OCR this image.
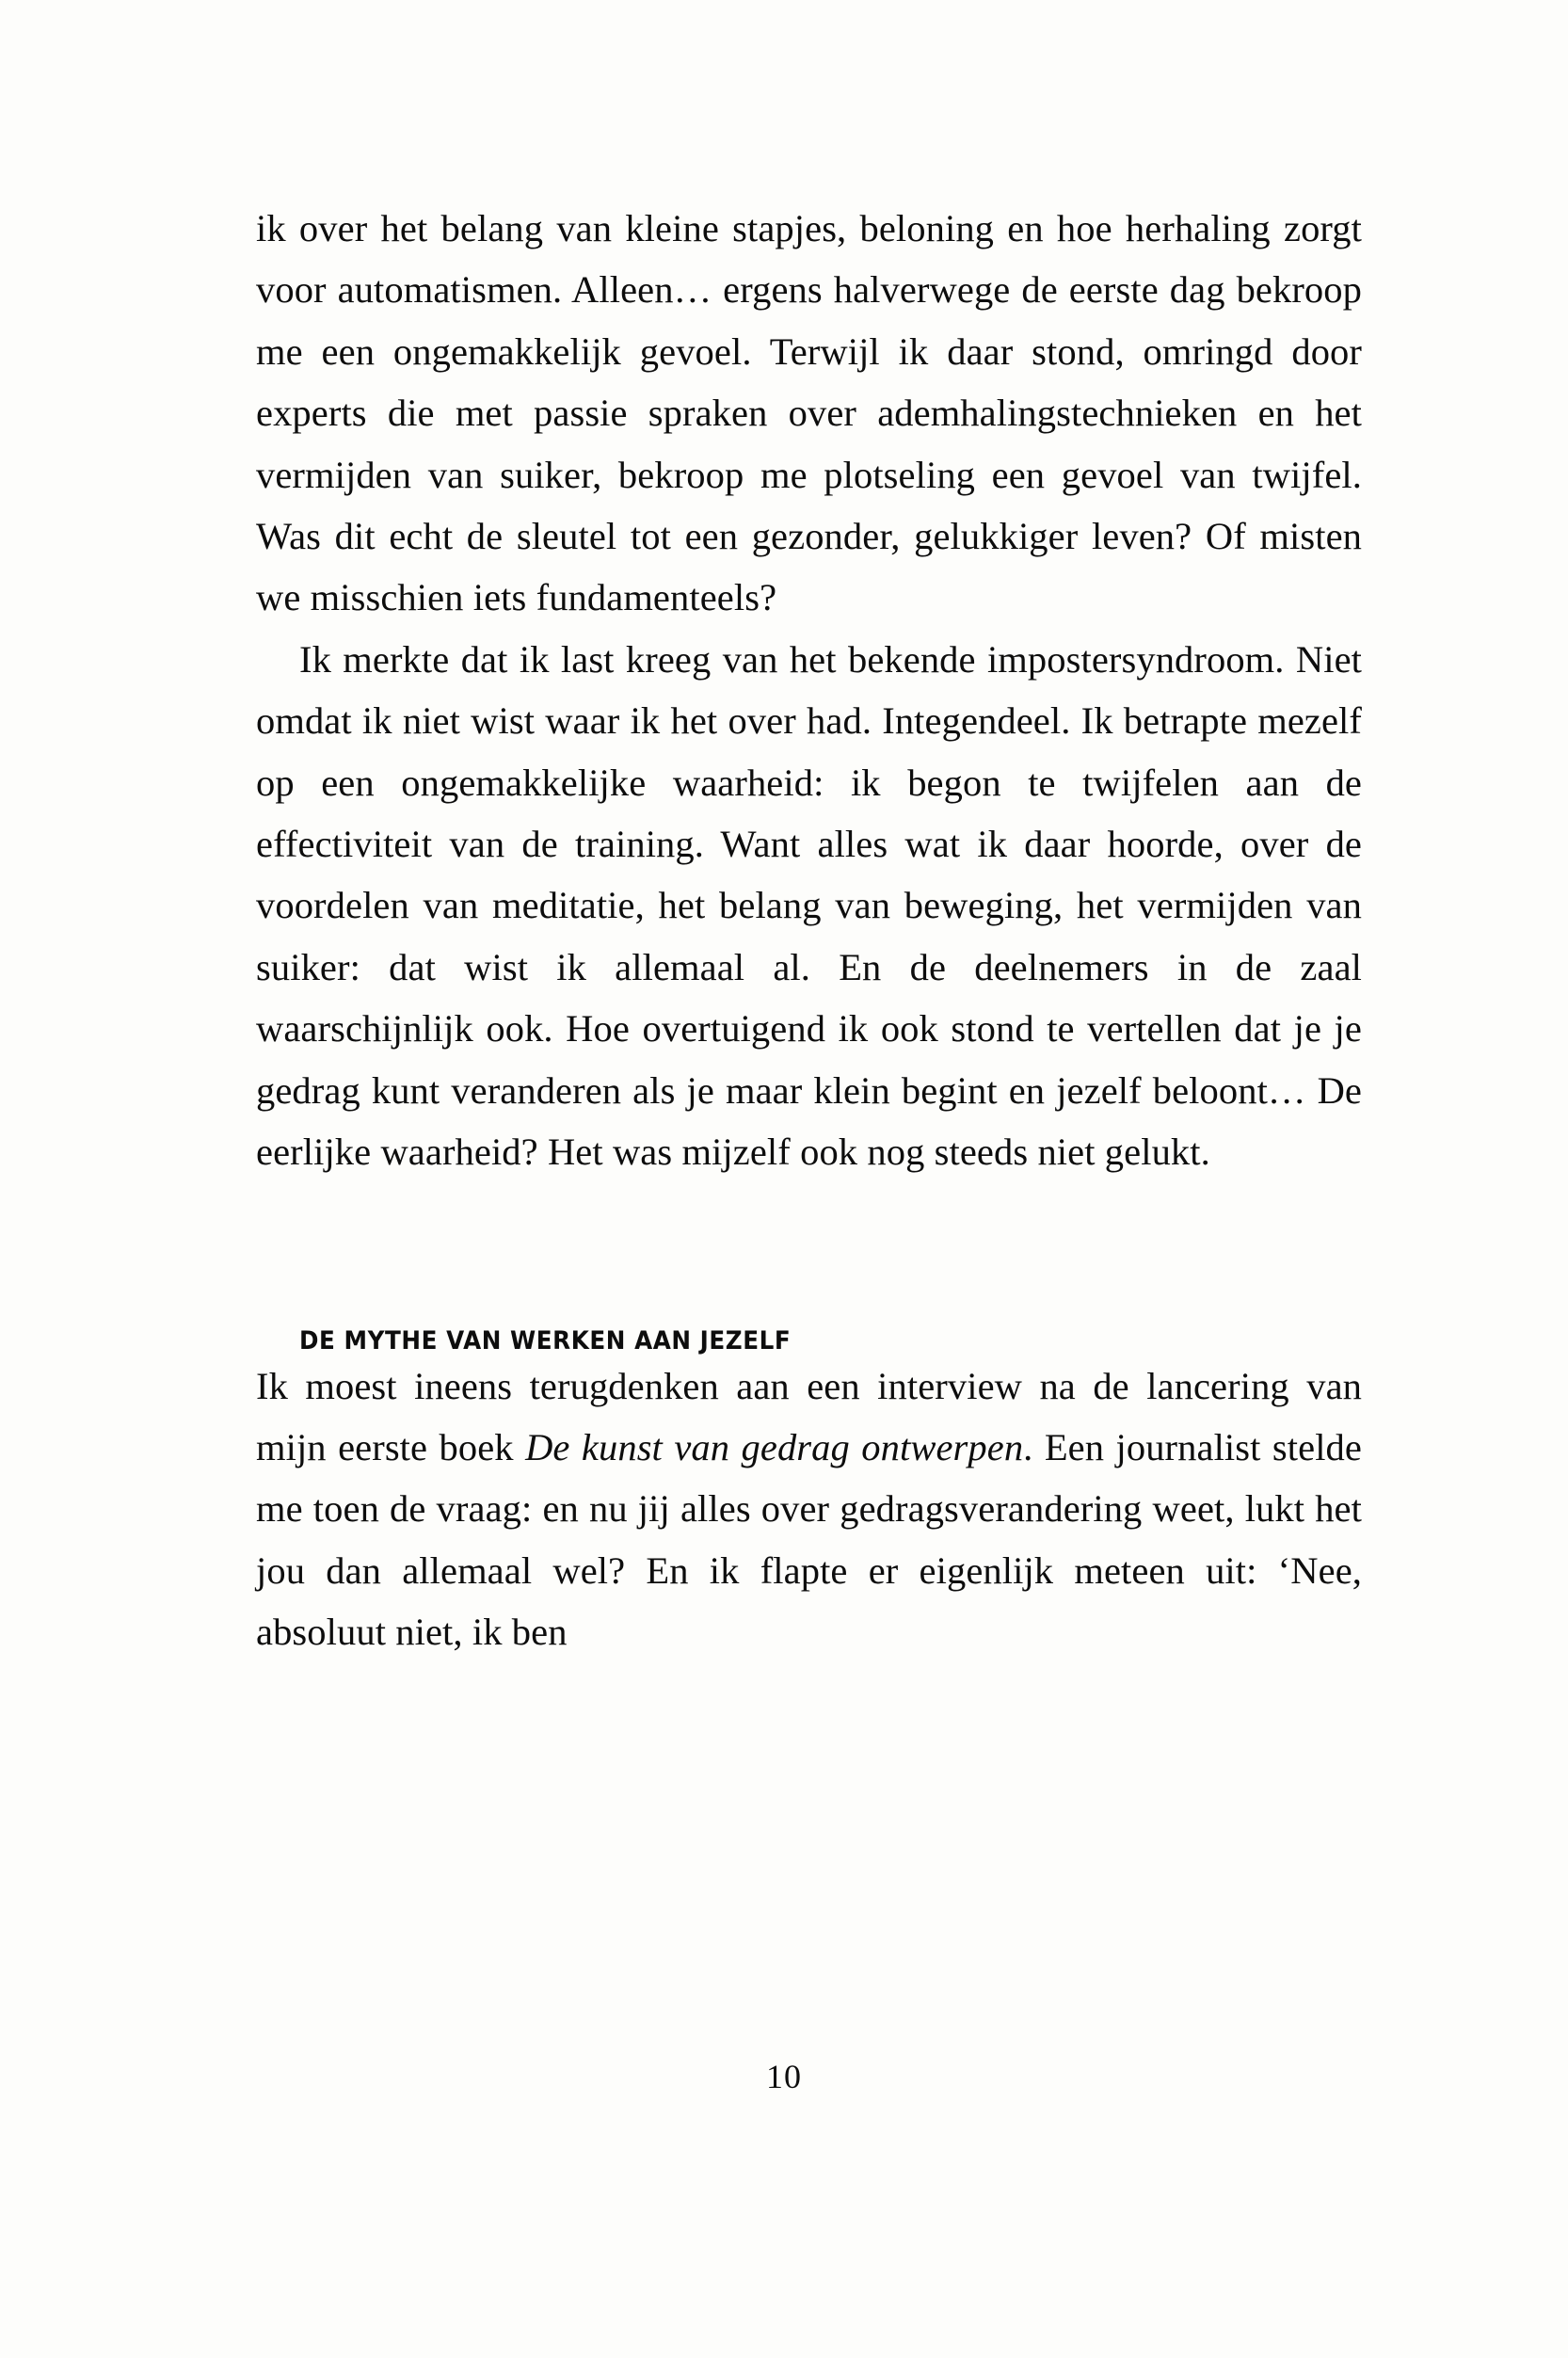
ik over het belang van kleine stapjes, beloning en hoe herhaling zorgt voor automatismen. Alleen… ergens halverwege de eerste dag bekroop me een ongemakkelijk gevoel. Terwijl ik daar stond, omringd door experts die met passie spraken over ademhalingstechnieken en het vermijden van suiker, bekroop me plotseling een gevoel van twijfel. Was dit echt de sleutel tot een gezonder, gelukkiger leven? Of misten we misschien iets fundamenteels?

Ik merkte dat ik last kreeg van het bekende impostersyndroom. Niet omdat ik niet wist waar ik het over had. Integendeel. Ik betrapte mezelf op een ongemakkelijke waarheid: ik begon te twijfelen aan de effectiviteit van de training. Want alles wat ik daar hoorde, over de voordelen van meditatie, het belang van beweging, het vermijden van suiker: dat wist ik allemaal al. En de deelnemers in de zaal waarschijnlijk ook. Hoe overtuigend ik ook stond te vertellen dat je je gedrag kunt veranderen als je maar klein begint en jezelf beloont… De eerlijke waarheid? Het was mijzelf ook nog steeds niet gelukt.

DE MYTHE VAN WERKEN AAN JEZELF

Ik moest ineens terugdenken aan een interview na de lancering van mijn eerste boek De kunst van gedrag ontwerpen. Een journalist stelde me toen de vraag: en nu jij alles over gedragsverandering weet, lukt het jou dan allemaal wel? En ik flapte er eigenlijk meteen uit: ‘Nee, absoluut niet, ik ben

10
